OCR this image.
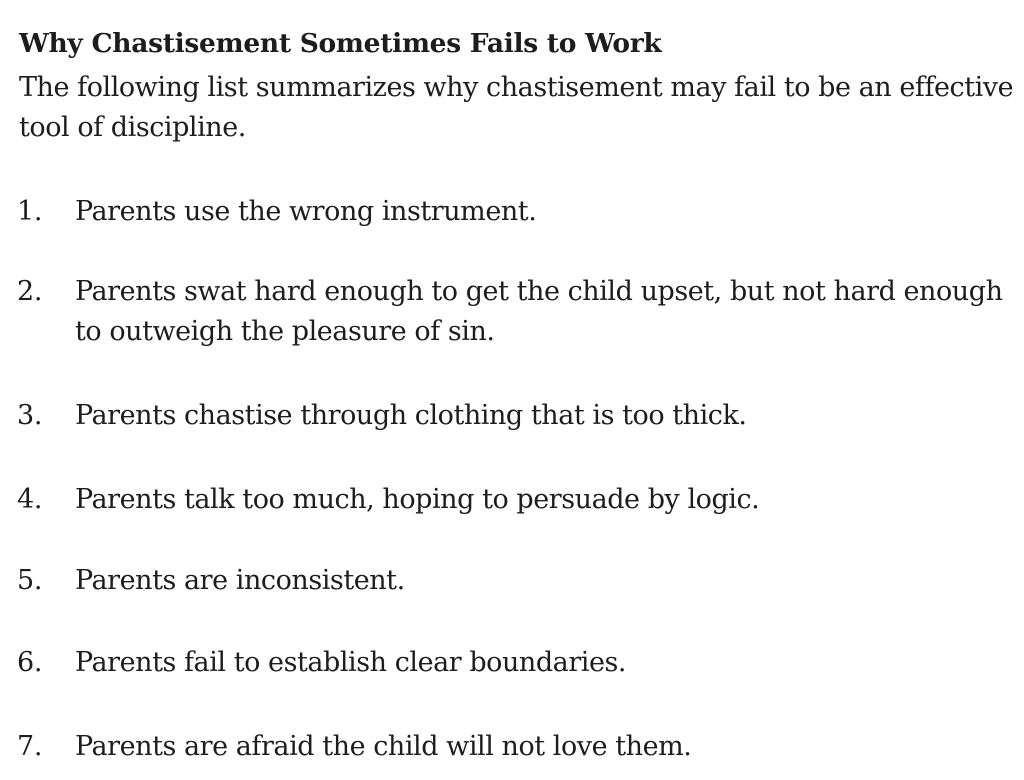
Why Chastisement Sometimes Fails to Work

The following list summarizes why chastisement may fail to be an effective tool of discipline.

1. Parents use the wrong instrument.
2. Parents swat hard enough to get the child upset, but not hard enough to outweigh the pleasure of sin.
3. Parents chastise through clothing that is too thick.
4. Parents talk too much, hoping to persuade by logic.
5. Parents are inconsistent.
6. Parents fail to establish clear boundaries.
7. Parents are afraid the child will not love them.
